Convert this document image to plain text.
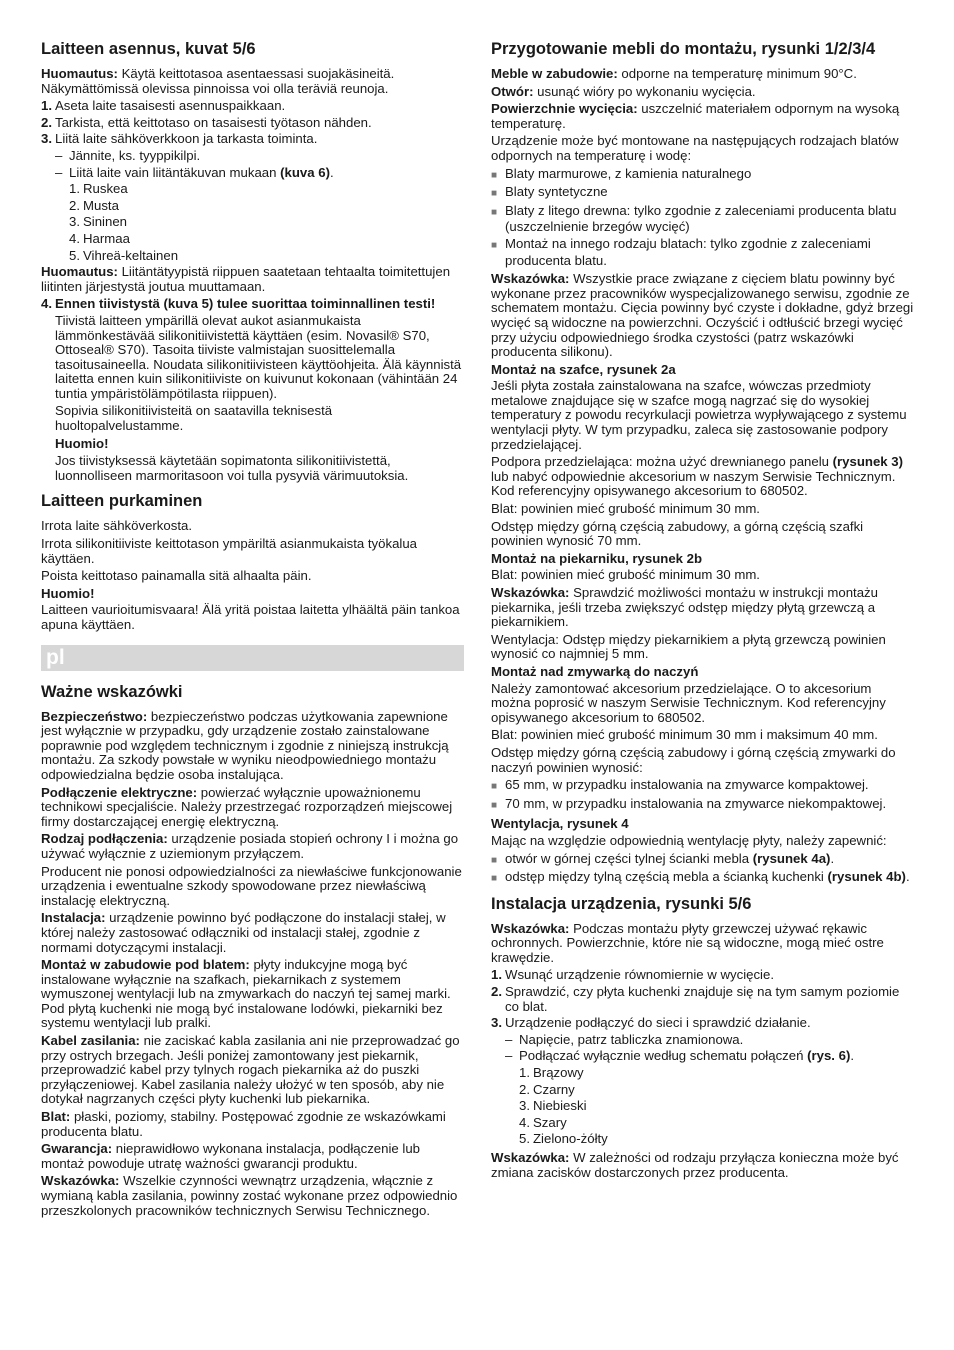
Laitteen asennus, kuvat 5/6

Huomautus: Käytä keittotasoa asentaessasi suojakäsineitä. Näkymättömissä olevissa pinnoissa voi olla teräviä reunoja.

1. Aseta laite tasaisesti asennuspaikkaan.
2. Tarkista, että keittotaso on tasaisesti työtason nähden.
3. Liitä laite sähköverkkoon ja tarkasta toiminta.
– Jännite, ks. tyyppikilpi.
– Liitä laite vain liitäntäkuvan mukaan (kuva 6).
1. Ruskea
2. Musta
3. Sininen
4. Harmaa
5. Vihreä-keltainen

Huomautus: Liitäntätyypistä riippuen saatetaan tehtaalta toimitettujen liitinten järjestystä joutua muuttamaan.

4. Ennen tiivistystä (kuva 5) tulee suorittaa toiminnallinen testi!

Tiivistä laitteen ympärillä olevat aukot asianmukaista lämmönkestävää silikonitiivistettä käyttäen (esim. Novasil® S70, Ottoseal® S70). Tasoita tiiviste valmistajan suosittelemalla tasoitusaineella. Noudata silikonitiivisteen käyttöohjeita. Älä käynnistä laitetta ennen kuin silikonitiiviste on kuivunut kokonaan (vähintään 24 tuntia ympäristölämpötilasta riippuen).

Sopivia silikonitiivisteitä on saatavilla teknisestä huoltopalvelustamme.

Huomio!

Jos tiivistyksessä käytetään sopimatonta silikonitiivistettä, luonnolliseen marmoritasoon voi tulla pysyviä värimuutoksia.

Laitteen purkaminen

Irrota laite sähköverkosta.

Irrota silikonitiiviste keittotason ympäriltä asianmukaista työkalua käyttäen.

Poista keittotaso painamalla sitä alhaalta päin.

Huomio!

Laitteen vaurioitumisvaara! Älä yritä poistaa laitetta ylhäältä päin tankoa apuna käyttäen.

pl
Ważne wskazówki

Bezpieczeństwo: bezpieczeństwo podczas użytkowania zapewnione jest wyłącznie w przypadku, gdy urządzenie zostało zainstalowane poprawnie pod względem technicznym i zgodnie z niniejszą instrukcją montażu. Za szkody powstałe w wyniku nieodpowiedniego montażu odpowiedzialna będzie osoba instalująca.

Podłączenie elektryczne: powierzać wyłącznie upoważnionemu technikowi specjaliście. Należy przestrzegać rozporządzeń miejscowej firmy dostarczającej energię elektryczną.

Rodzaj podłączenia: urządzenie posiada stopień ochrony I i można go używać wyłącznie z uziemionym przyłączem.

Producent nie ponosi odpowiedzialności za niewłaściwe funkcjonowanie urządzenia i ewentualne szkody spowodowane przez niewłaściwą instalację elektryczną.

Instalacja: urządzenie powinno być podłączone do instalacji stałej, w której należy zastosować odłączniki od instalacji stałej, zgodnie z normami dotyczącymi instalacji.

Montaż w zabudowie pod blatem: płyty indukcyjne mogą być instalowane wyłącznie na szafkach, piekarnikach z systemem wymuszonej wentylacji lub na zmywarkach do naczyń tej samej marki. Pod płytą kuchenki nie mogą być instalowane lodówki, piekarniki bez systemu wentylacji lub pralki.

Kabel zasilania: nie zaciskać kabla zasilania ani nie przeprowadzać go przy ostrych brzegach. Jeśli poniżej zamontowany jest piekarnik, przeprowadzić kabel przy tylnych rogach piekarnika aż do puszki przyłączeniowej. Kabel zasilania należy ułożyć w ten sposób, aby nie dotykał nagrzanych części płyty kuchenki lub piekarnika.

Blat: płaski, poziomy, stabilny. Postępować zgodnie ze wskazówkami producenta blatu.

Gwarancja: nieprawidłowo wykonana instalacja, podłączenie lub montaż powoduje utratę ważności gwarancji produktu.

Wskazówka: Wszelkie czynności wewnątrz urządzenia, włącznie z wymianą kabla zasilania, powinny zostać wykonane przez odpowiednio przeszkolonych pracowników technicznych Serwisu Technicznego.

Przygotowanie mebli do montażu, rysunki 1/2/3/4

Meble w zabudowie: odporne na temperaturę minimum 90°C.

Otwór: usunąć wióry po wykonaniu wycięcia.

Powierzchnie wycięcia: uszczelnić materiałem odpornym na wysoką temperaturę.

Urządzenie może być montowane na następujących rodzajach blatów odpornych na temperaturę i wodę:

■ Blaty marmurowe, z kamienia naturalnego
■ Blaty syntetyczne
■ Blaty z litego drewna: tylko zgodnie z zaleceniami producenta blatu (uszczelnienie brzegów wycięć)
■ Montaż na innego rodzaju blatach: tylko zgodnie z zaleceniami producenta blatu.

Wskazówka: Wszystkie prace związane z cięciem blatu powinny być wykonane przez pracowników wyspecjalizowanego serwisu, zgodnie ze schematem montażu. Cięcia powinny być czyste i dokładne, gdyż brzegi wycięć są widoczne na powierzchni. Oczyścić i odtłuścić brzegi wycięć przy użyciu odpowiedniego środka czystości (patrz wskazówki producenta silikonu).

Montaż na szafce, rysunek 2a

Jeśli płyta została zainstalowana na szafce, wówczas przedmioty metalowe znajdujące się w szafce mogą nagrzać się do wysokiej temperatury z powodu recyrkulacji powietrza wypływającego z systemu wentylacji płyty. W tym przypadku, zaleca się zastosowanie podpory przedzielającej.

Podpora przedzielająca: można użyć drewnianego panelu (rysunek 3) lub nabyć odpowiednie akcesorium w naszym Serwisie Technicznym. Kod referencyjny opisywanego akcesorium to 680502.

Blat: powinien mieć grubość minimum 30 mm.

Odstęp między górną częścią zabudowy, a górną częścią szafki powinien wynosić 70 mm.

Montaż na piekarniku, rysunek 2b

Blat: powinien mieć grubość minimum 30 mm.

Wskazówka: Sprawdzić możliwości montażu w instrukcji montażu piekarnika, jeśli trzeba zwiększyć odstęp między płytą grzewczą a piekarnikiem.

Wentylacja: Odstęp między piekarnikiem a płytą grzewczą powinien wynosić co najmniej 5 mm.

Montaż nad zmywarką do naczyń

Należy zamontować akcesorium przedzielające. O to akcesorium można poprosić w naszym Serwisie Technicznym. Kod referencyjny opisywanego akcesorium to 680502.

Blat: powinien mieć grubość minimum 30 mm i maksimum 40 mm.

Odstęp między górną częścią zabudowy i górną częścią zmywarki do naczyń powinien wynosić:

■ 65 mm, w przypadku instalowania na zmywarce kompaktowej.
■ 70 mm, w przypadku instalowania na zmywarce niekompaktowej.
Wentylacja, rysunek 4

Mając na względzie odpowiednią wentylację płyty, należy zapewnić:

■ otwór w górnej części tylnej ścianki mebla (rysunek 4a).
■ odstęp między tylną częścią mebla a ścianką kuchenki (rysunek 4b).
Instalacja urządzenia, rysunki 5/6

Wskazówka: Podczas montażu płyty grzewczej używać rękawic ochronnych. Powierzchnie, które nie są widoczne, mogą mieć ostre krawędzie.

1. Wsunąć urządzenie równomiernie w wycięcie.
2. Sprawdzić, czy płyta kuchenki znajduje się na tym samym poziomie co blat.
3. Urządzenie podłączyć do sieci i sprawdzić działanie.
– Napięcie, patrz tabliczka znamionowa.
– Podłączać wyłącznie według schematu połączeń (rys. 6).
1. Brązowy
2. Czarny
3. Niebieski
4. Szary
5. Zielono-żółty

Wskazówka: W zależności od rodzaju przyłącza konieczna może być zmiana zacisków dostarczonych przez producenta.
